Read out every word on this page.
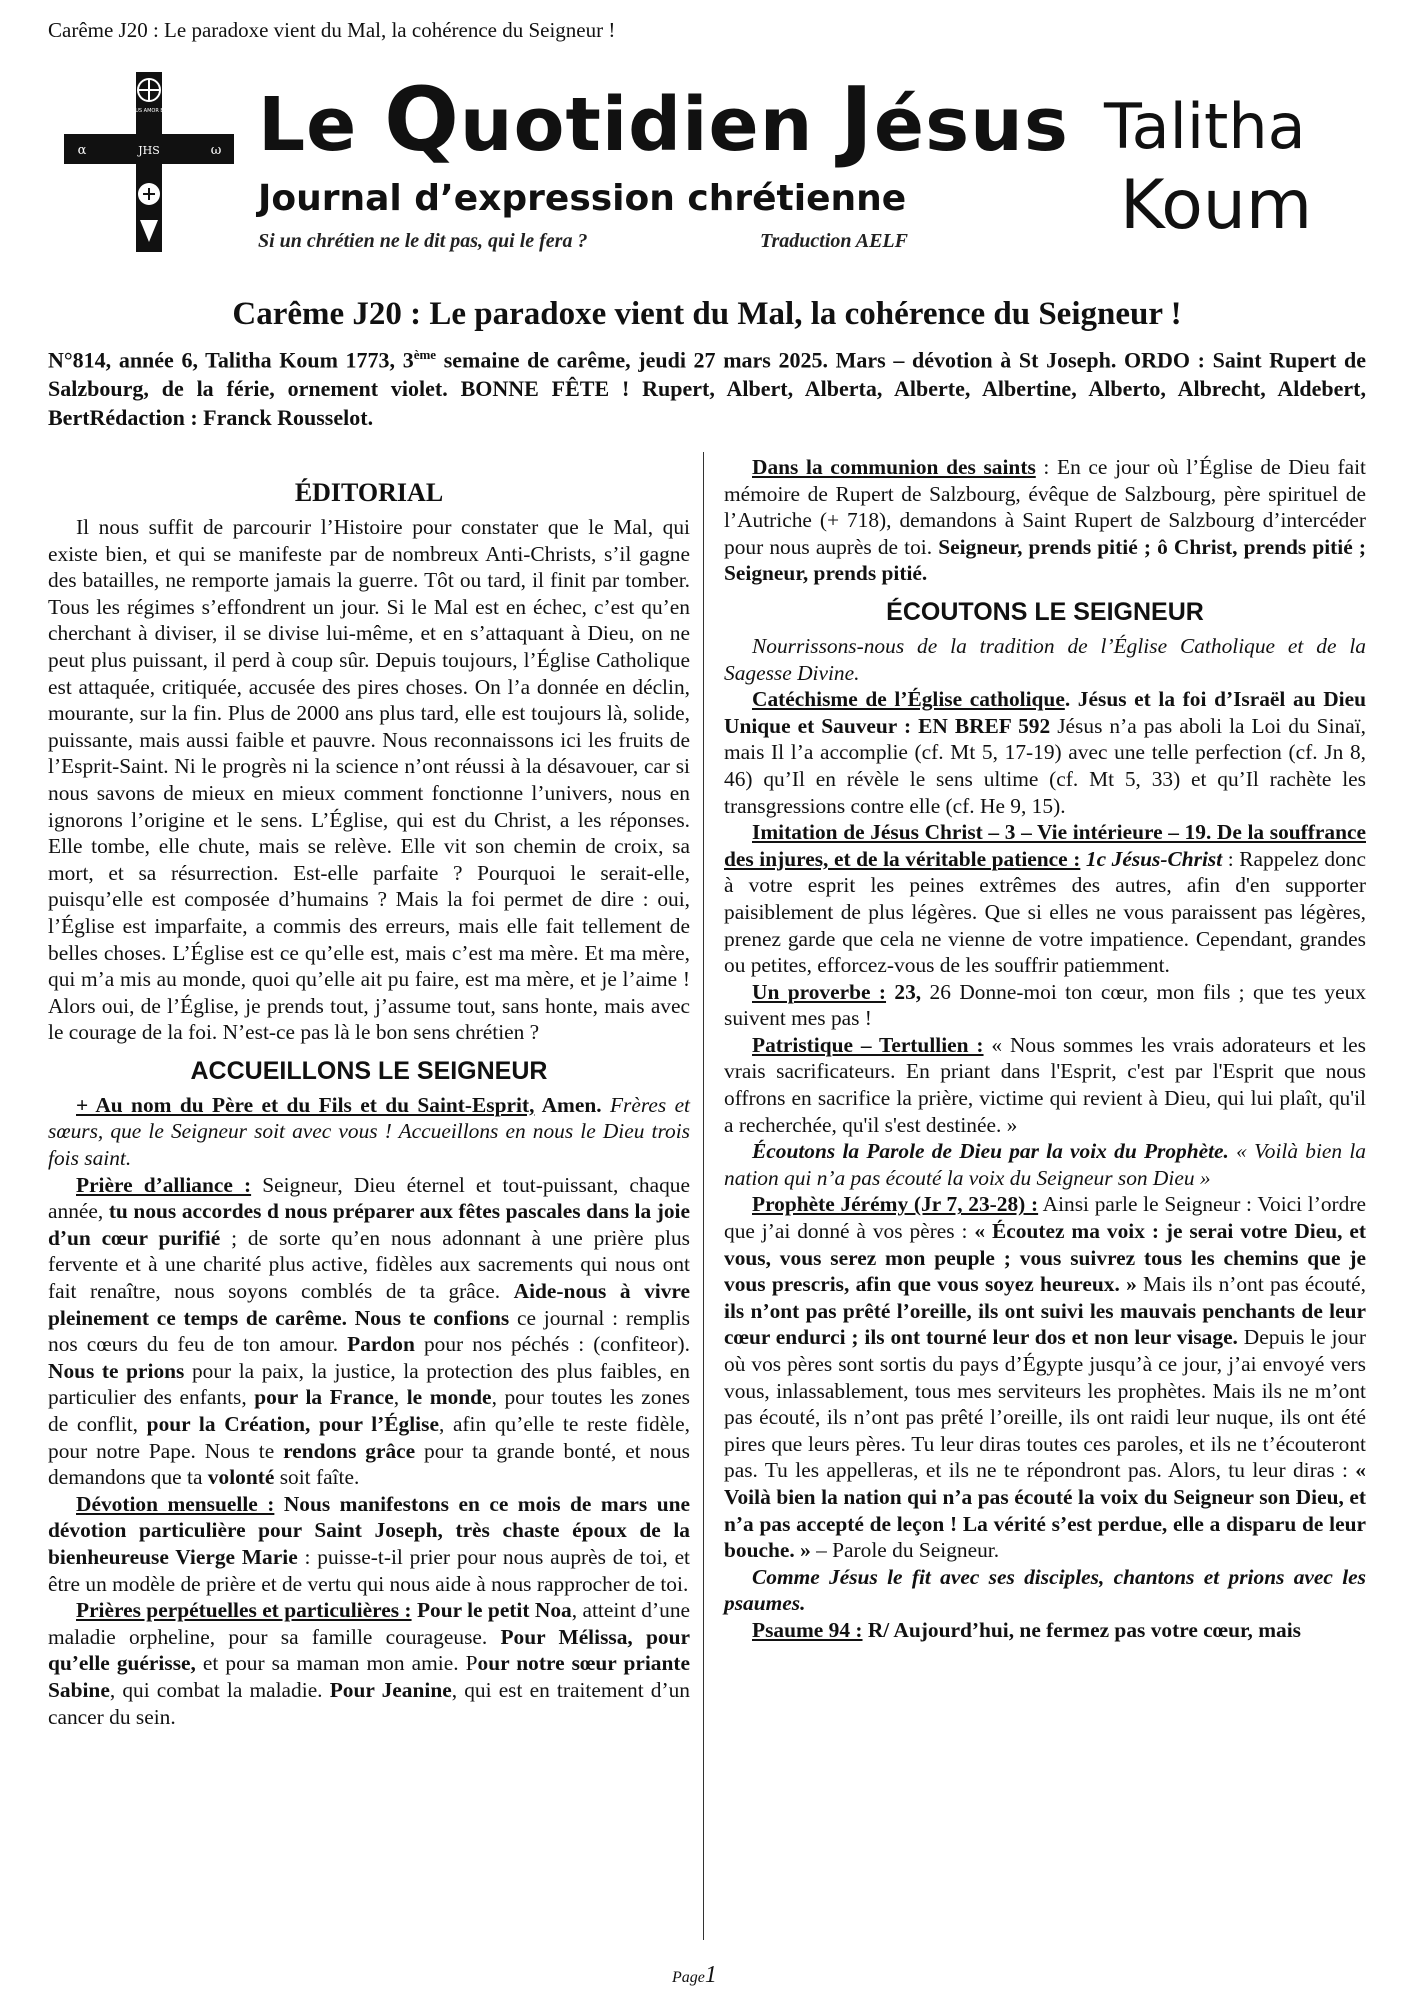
Carême J20 : Le paradoxe vient du Mal, la cohérence du Seigneur !
DEUS AMOR EST
α	ω
JHS Le Quotidien Jésus
Journal d’expression chrétienne
Si un chrétien ne le dit pas, qui le fera ?	Traduction AELF
Talitha
Koum
Carême J20 : Le paradoxe vient du Mal, la cohérence du Seigneur !
N°814, année 6, Talitha Koum 1773, 3ème semaine de carême, jeudi 27 mars 2025. Mars – dévotion à St Joseph. ORDO : Saint Rupert de Salzbourg, de la férie, ornement violet. BONNE FÊTE ! Rupert, Albert, Alberta, Alberte, Albertine, Alberto, Albrecht, Aldebert, BertRédaction : Franck Rousselot.
ÉDITORIAL

Il nous suffit de parcourir l’Histoire pour constater que le Mal, qui existe bien, et qui se manifeste par de nombreux Anti-Christs, s’il gagne des batailles, ne remporte jamais la guerre. Tôt ou tard, il finit par tomber. Tous les régimes s’effondrent un jour. Si le Mal est en échec, c’est qu’en cherchant à diviser, il se divise lui-même, et en s’attaquant à Dieu, on ne peut plus puissant, il perd à coup sûr. Depuis toujours, l’Église Catholique est attaquée, critiquée, accusée des pires choses. On l’a donnée en déclin, mourante, sur la fin. Plus de 2000 ans plus tard, elle est toujours là, solide, puissante, mais aussi faible et pauvre. Nous reconnaissons ici les fruits de l’Esprit-Saint. Ni le progrès ni la science n’ont réussi à la désavouer, car si nous savons de mieux en mieux comment fonctionne l’univers, nous en ignorons l’origine et le sens. L’Église, qui est du Christ, a les réponses. Elle tombe, elle chute, mais se relève. Elle vit son chemin de croix, sa mort, et sa résurrection. Est-elle parfaite ? Pourquoi le serait-elle, puisqu’elle est composée d’humains ? Mais la foi permet de dire : oui, l’Église est imparfaite, a commis des erreurs, mais elle fait tellement de belles choses. L’Église est ce qu’elle est, mais c’est ma mère. Et ma mère, qui m’a mis au monde, quoi qu’elle ait pu faire, est ma mère, et je l’aime ! Alors oui, de l’Église, je prends tout, j’assume tout, sans honte, mais avec le courage de la foi. N’est-ce pas là le bon sens chrétien ?

ACCUEILLONS LE SEIGNEUR

+ Au nom du Père et du Fils et du Saint-Esprit, Amen. Frères et sœurs, que le Seigneur soit avec vous ! Accueillons en nous le Dieu trois fois saint.

Prière d’alliance : Seigneur, Dieu éternel et tout-puissant, chaque année, tu nous accordes d nous préparer aux fêtes pascales dans la joie d’un cœur purifié ; de sorte qu’en nous adonnant à une prière plus fervente et à une charité plus active, fidèles aux sacrements qui nous ont fait renaître, nous soyons comblés de ta grâce. Aide-nous à vivre pleinement ce temps de carême. Nous te confions ce journal : remplis nos cœurs du feu de ton amour. Pardon pour nos péchés : (confiteor). Nous te prions pour la paix, la justice, la protection des plus faibles, en particulier des enfants, pour la France, le monde, pour toutes les zones de conflit, pour la Création, pour l’Église, afin qu’elle te reste fidèle, pour notre Pape. Nous te rendons grâce pour ta grande bonté, et nous demandons que ta volonté soit faîte.

Dévotion mensuelle : Nous manifestons en ce mois de mars une dévotion particulière pour Saint Joseph, très chaste époux de la bienheureuse Vierge Marie : puisse-t-il prier pour nous auprès de toi, et être un modèle de prière et de vertu qui nous aide à nous rapprocher de toi.

Prières perpétuelles et particulières : Pour le petit Noa, atteint d’une maladie orpheline, pour sa famille courageuse. Pour Mélissa, pour qu’elle guérisse, et pour sa maman mon amie. Pour notre sœur priante Sabine, qui combat la maladie. Pour Jeanine, qui est en traitement d’un cancer du sein.

Dans la communion des saints : En ce jour où l’Église de Dieu fait mémoire de Rupert de Salzbourg, évêque de Salzbourg, père spirituel de l’Autriche (+ 718), demandons à Saint Rupert de Salzbourg d’intercéder pour nous auprès de toi. Seigneur, prends pitié ; ô Christ, prends pitié ; Seigneur, prends pitié.

ÉCOUTONS LE SEIGNEUR

Nourrissons-nous de la tradition de l’Église Catholique et de la Sagesse Divine.

Catéchisme de l’Église catholique. Jésus et la foi d’Israël au Dieu Unique et Sauveur : EN BREF 592 Jésus n’a pas aboli la Loi du Sinaï, mais Il l’a accomplie (cf. Mt 5, 17-19) avec une telle perfection (cf. Jn 8, 46) qu’Il en révèle le sens ultime (cf. Mt 5, 33) et qu’Il rachète les transgressions contre elle (cf. He 9, 15).

Imitation de Jésus Christ – 3 – Vie intérieure – 19. De la souffrance des injures, et de la véritable patience : 1c Jésus-Christ : Rappelez donc à votre esprit les peines extrêmes des autres, afin d'en supporter paisiblement de plus légères. Que si elles ne vous paraissent pas légères, prenez garde que cela ne vienne de votre impatience. Cependant, grandes ou petites, efforcez-vous de les souffrir patiemment.

Un proverbe : 23, 26 Donne-moi ton cœur, mon fils ; que tes yeux suivent mes pas !

Patristique – Tertullien : « Nous sommes les vrais adorateurs et les vrais sacrificateurs. En priant dans l'Esprit, c'est par l'Esprit que nous offrons en sacrifice la prière, victime qui revient à Dieu, qui lui plaît, qu'il a recherchée, qu'il s'est destinée. »

Écoutons la Parole de Dieu par la voix du Prophète. « Voilà bien la nation qui n’a pas écouté la voix du Seigneur son Dieu »

Prophète Jérémy (Jr 7, 23-28) : Ainsi parle le Seigneur : Voici l’ordre que j’ai donné à vos pères : « Écoutez ma voix : je serai votre Dieu, et vous, vous serez mon peuple ; vous suivrez tous les chemins que je vous prescris, afin que vous soyez heureux. » Mais ils n’ont pas écouté, ils n’ont pas prêté l’oreille, ils ont suivi les mauvais penchants de leur cœur endurci ; ils ont tourné leur dos et non leur visage. Depuis le jour où vos pères sont sortis du pays d’Égypte jusqu’à ce jour, j’ai envoyé vers vous, inlassablement, tous mes serviteurs les prophètes. Mais ils ne m’ont pas écouté, ils n’ont pas prêté l’oreille, ils ont raidi leur nuque, ils ont été pires que leurs pères. Tu leur diras toutes ces paroles, et ils ne t’écouteront pas. Tu les appelleras, et ils ne te répondront pas. Alors, tu leur diras : « Voilà bien la nation qui n’a pas écouté la voix du Seigneur son Dieu, et n’a pas accepté de leçon ! La vérité s’est perdue, elle a disparu de leur bouche. » – Parole du Seigneur.

Comme Jésus le fit avec ses disciples, chantons et prions avec les psaumes.

Psaume 94 : R/ Aujourd’hui, ne fermez pas votre cœur, mais

Page1
